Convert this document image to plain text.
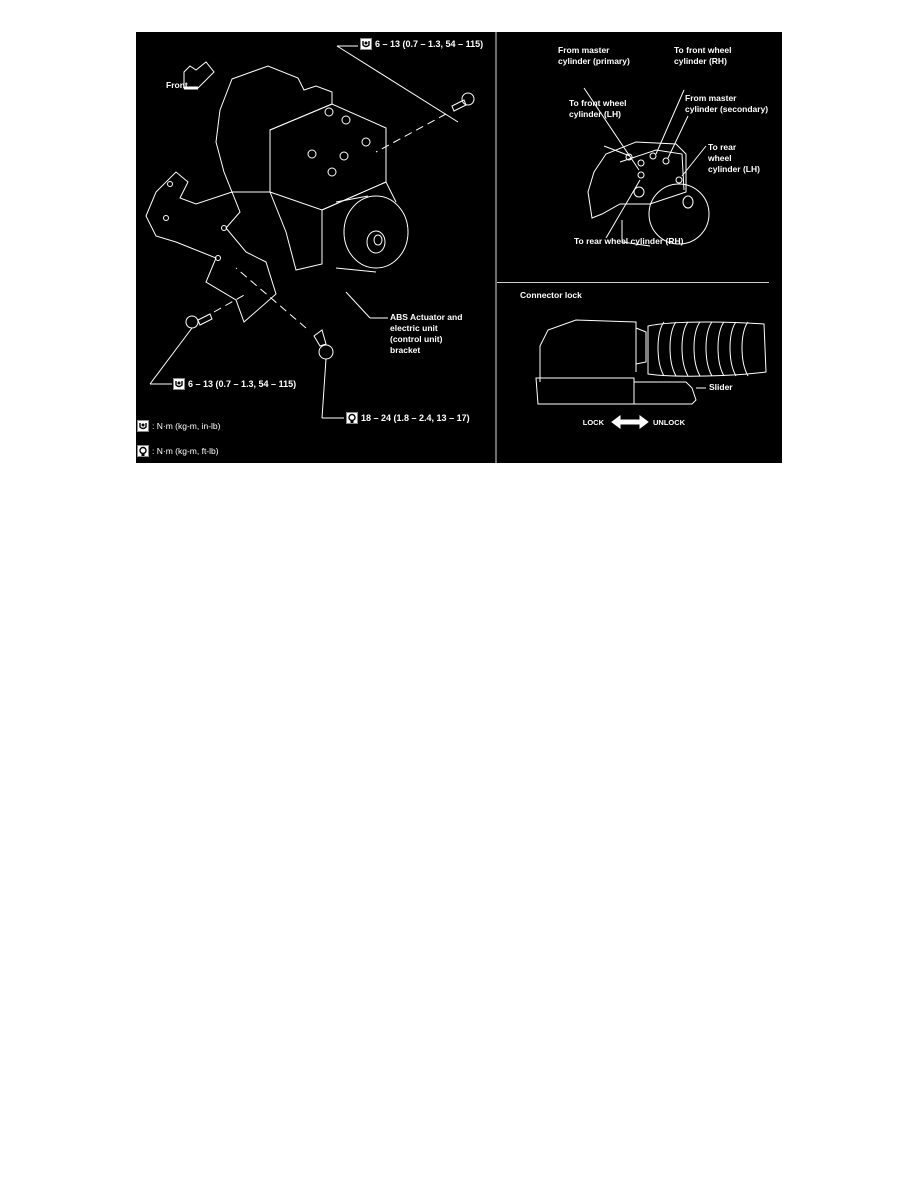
Front
6 – 13 (0.7 – 1.3, 54 – 115)
ABS Actuator and
electric unit
(control unit)
bracket
6 – 13 (0.7 – 1.3, 54 – 115)
18 – 24 (1.8 – 2.4, 13 – 17)
: N·m (kg-m, in-lb)
: N·m (kg-m, ft-lb)
From master
cylinder (primary)
To front wheel
cylinder (RH)
To front wheel
cylinder (LH)
From master
cylinder (secondary)
To rear
wheel
cylinder (LH)
To rear wheel cylinder (RH)
Connector lock
Slider
LOCK	UNLOCK
